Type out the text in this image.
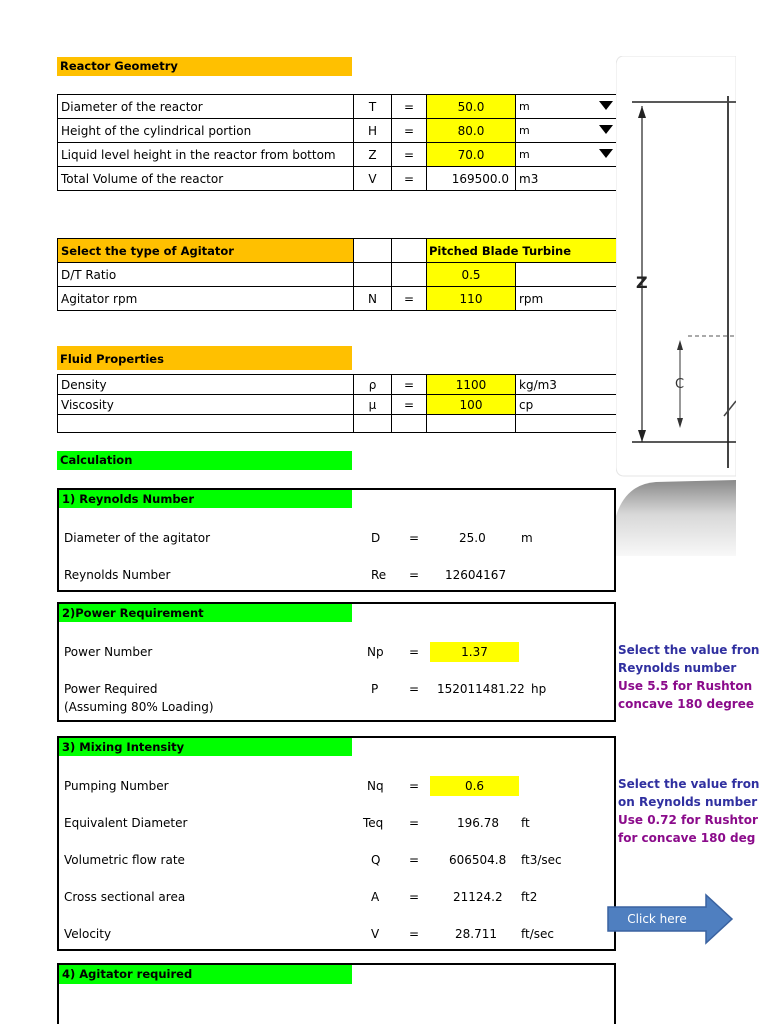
Reactor Geometry
Diameter of the reactor	T	=	50.0	m

Height of the cylindrical portion	H	=	80.0	m

Liquid level height in the reactor from bottom	Z	=	70.0	m

Total Volume of the reactor	V	=	169500.0	m3
Select the type of Agitator			Pitched Blade Turbine	
D/T Ratio			0.5	
Agitator rpm	N	=	110	rpm
Fluid Properties
Density	ρ	=	1100	kg/m3
Viscosity	μ	=	100	cp

Calculation
1) Reynolds Number
Diameter of the agitator	D =	25.0	m
Reynolds Number	Re = 12604167
2)Power Requirement
Power Number	Np =	1.37
Power Required	P	= 152011481.22 hp
(Assuming 80% Loading)
Select the value fron
Reynolds number
Use 5.5 for Rushton
concave 180 degree
3) Mixing Intensity
Pumping Number	Nq =	0.6
Equivalent Diameter	Teq =	196.78 ft
Volumetric flow rate	Q = 606504.8 ft3/sec
Cross sectional area	A =	21124.2 ft2
Velocity	V =	28.711 ft/sec
Select the value fron
on Reynolds number
Use 0.72 for Rushtor
for concave 180 deg
4) Agitator required
Z
C
Click here
